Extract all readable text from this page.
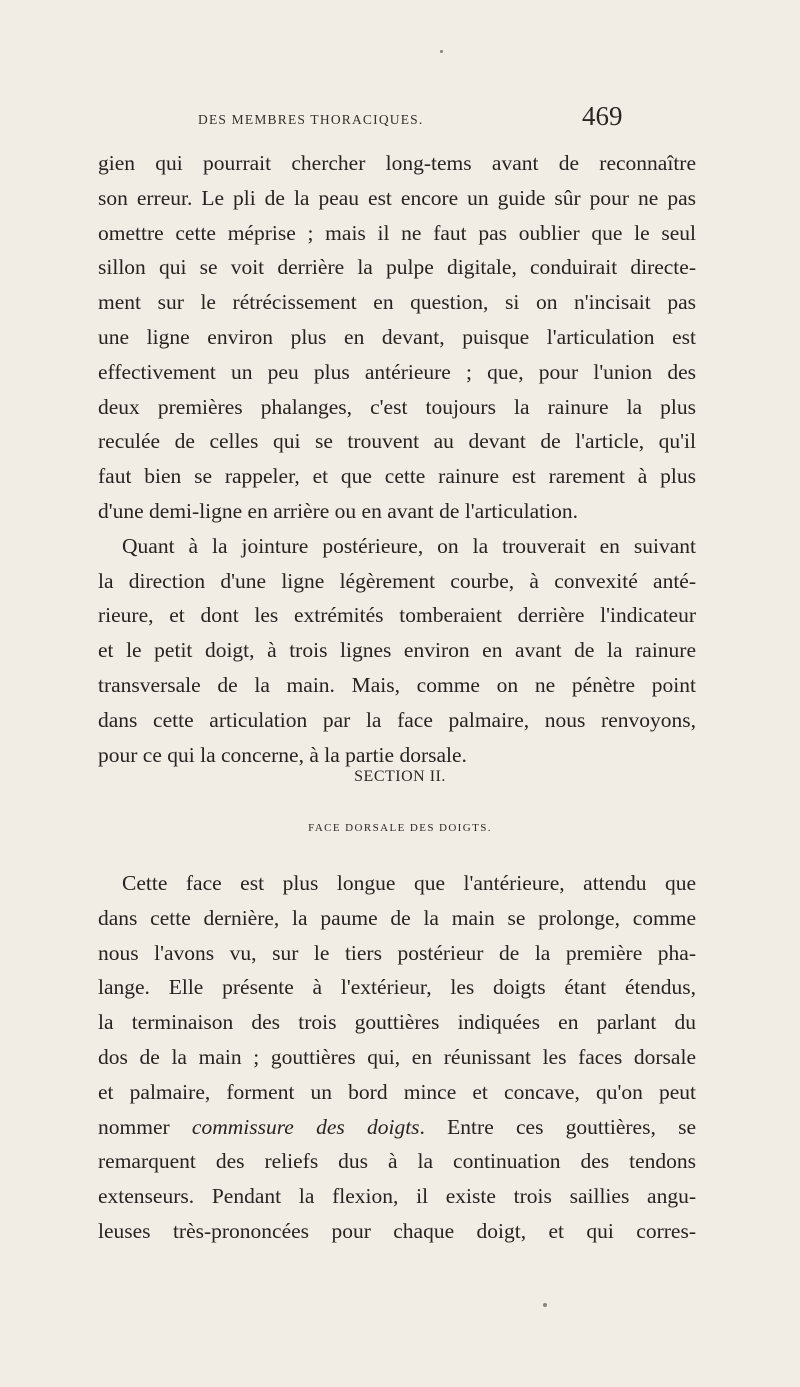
DES MEMBRES THORACIQUES.	469
gien qui pourrait chercher long-tems avant de reconnaître
son erreur. Le pli de la peau est encore un guide sûr pour ne pas
omettre cette méprise ; mais il ne faut pas oublier que le seul
sillon qui se voit derrière la pulpe digitale, conduirait directe-
ment sur le rétrécissement en question, si on n'incisait pas
une ligne environ plus en devant, puisque l'articulation est
effectivement un peu plus antérieure ; que, pour l'union des
deux premières phalanges, c'est toujours la rainure la plus
reculée de celles qui se trouvent au devant de l'article, qu'il
faut bien se rappeler, et que cette rainure est rarement à plus
d'une demi-ligne en arrière ou en avant de l'articulation.
Quant à la jointure postérieure, on la trouverait en suivant
la direction d'une ligne légèrement courbe, à convexité anté-
rieure, et dont les extrémités tomberaient derrière l'indicateur
et le petit doigt, à trois lignes environ en avant de la rainure
transversale de la main. Mais, comme on ne pénètre point
dans cette articulation par la face palmaire, nous renvoyons,
pour ce qui la concerne, à la partie dorsale.
SECTION II.
FACE DORSALE DES DOIGTS.
Cette face est plus longue que l'antérieure, attendu que
dans cette dernière, la paume de la main se prolonge, comme
nous l'avons vu, sur le tiers postérieur de la première pha-
lange. Elle présente à l'extérieur, les doigts étant étendus,
la terminaison des trois gouttières indiquées en parlant du
dos de la main ; gouttières qui, en réunissant les faces dorsale
et palmaire, forment un bord mince et concave, qu'on peut
nommer commissure des doigts. Entre ces gouttières, se
remarquent des reliefs dus à la continuation des tendons
extenseurs. Pendant la flexion, il existe trois saillies angu-
leuses très-prononcées pour chaque doigt, et qui corres-
